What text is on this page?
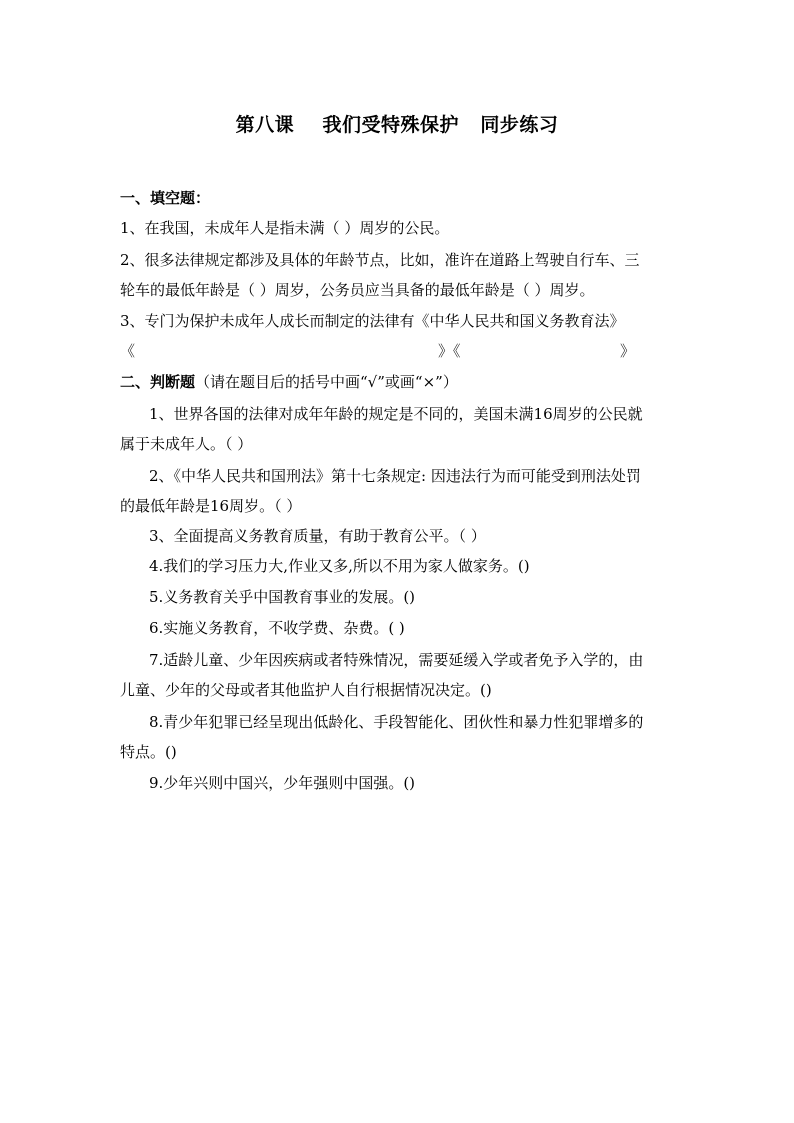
第八课    我们受特殊保护   同步练习
一、填空题：
1、在我国，未成年人是指未满（ ）周岁的公民。
2、很多法律规定都涉及具体的年龄节点，比如，准许在道路上驾驶自行车、三
轮车的最低年龄是（ ）周岁，公务员应当具备的最低年龄是（ ）周岁。
3、专门为保护未成年人成长而制定的法律有《中华人民共和国义务教育法》
《	》《	》
二、判断题（请在题目后的括号中画“√”或画“×”）
1、世界各国的法律对成年年龄的规定是不同的，美国未满16周岁的公民就
属于未成年人。（ ）
2、《中华人民共和国刑法》第十七条规定: 因违法行为而可能受到刑法处罚
的最低年龄是16周岁。（ ）
3、全面提高义务教育质量，有助于教育公平。（ ）
4.我们的学习压力大,作业又多,所以不用为家人做家务。()
5.义务教育关乎中国教育事业的发展。()
6.实施义务教育，不收学费、杂费。( )
7.适龄儿童、少年因疾病或者特殊情况，需要延缓入学或者免予入学的，由
儿童、少年的父母或者其他监护人自行根据情况决定。()
8.青少年犯罪已经呈现出低龄化、手段智能化、团伙性和暴力性犯罪增多的
特点。()
9.少年兴则中国兴，少年强则中国强。()
